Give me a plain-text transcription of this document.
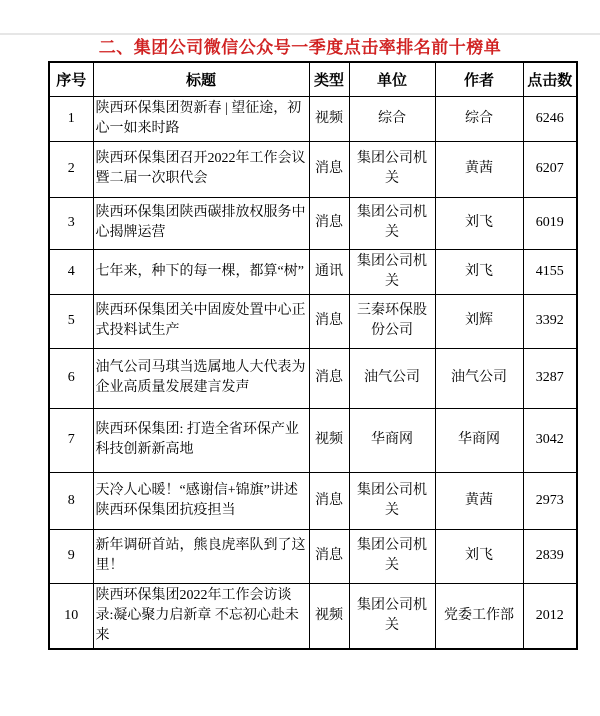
二、集团公司微信公众号一季度点击率排名前十榜单
序号	标题	类型	单位	作者	点击数
1	陕西环保集团贺新春 | 望征途，初心一如来时路	视频	综合	综合	6246
2	陕西环保集团召开2022年工作会议暨二届一次职代会	消息	集团公司机关	黄茜	6207
3	陕西环保集团陕西碳排放权服务中心揭牌运营	消息	集团公司机关	刘飞	6019
4	七年来，种下的每一棵，都算“树”	通讯	集团公司机关	刘飞	4155
5	陕西环保集团关中固废处置中心正式投料试生产	消息	三秦环保股份公司	刘辉	3392
6	油气公司马琪当选属地人大代表为企业高质量发展建言发声	消息	油气公司	油气公司	3287
7	陕西环保集团: 打造全省环保产业科技创新新高地	视频	华商网	华商网	3042
8	天冷人心暖！“感谢信+锦旗”讲述陕西环保集团抗疫担当	消息	集团公司机关	黄茜	2973
9	新年调研首站，熊良虎率队到了这里！	消息	集团公司机关	刘飞	2839
10	陕西环保集团2022年工作会访谈录:凝心聚力启新章 不忘初心赴未来	视频	集团公司机关	党委工作部	2012
